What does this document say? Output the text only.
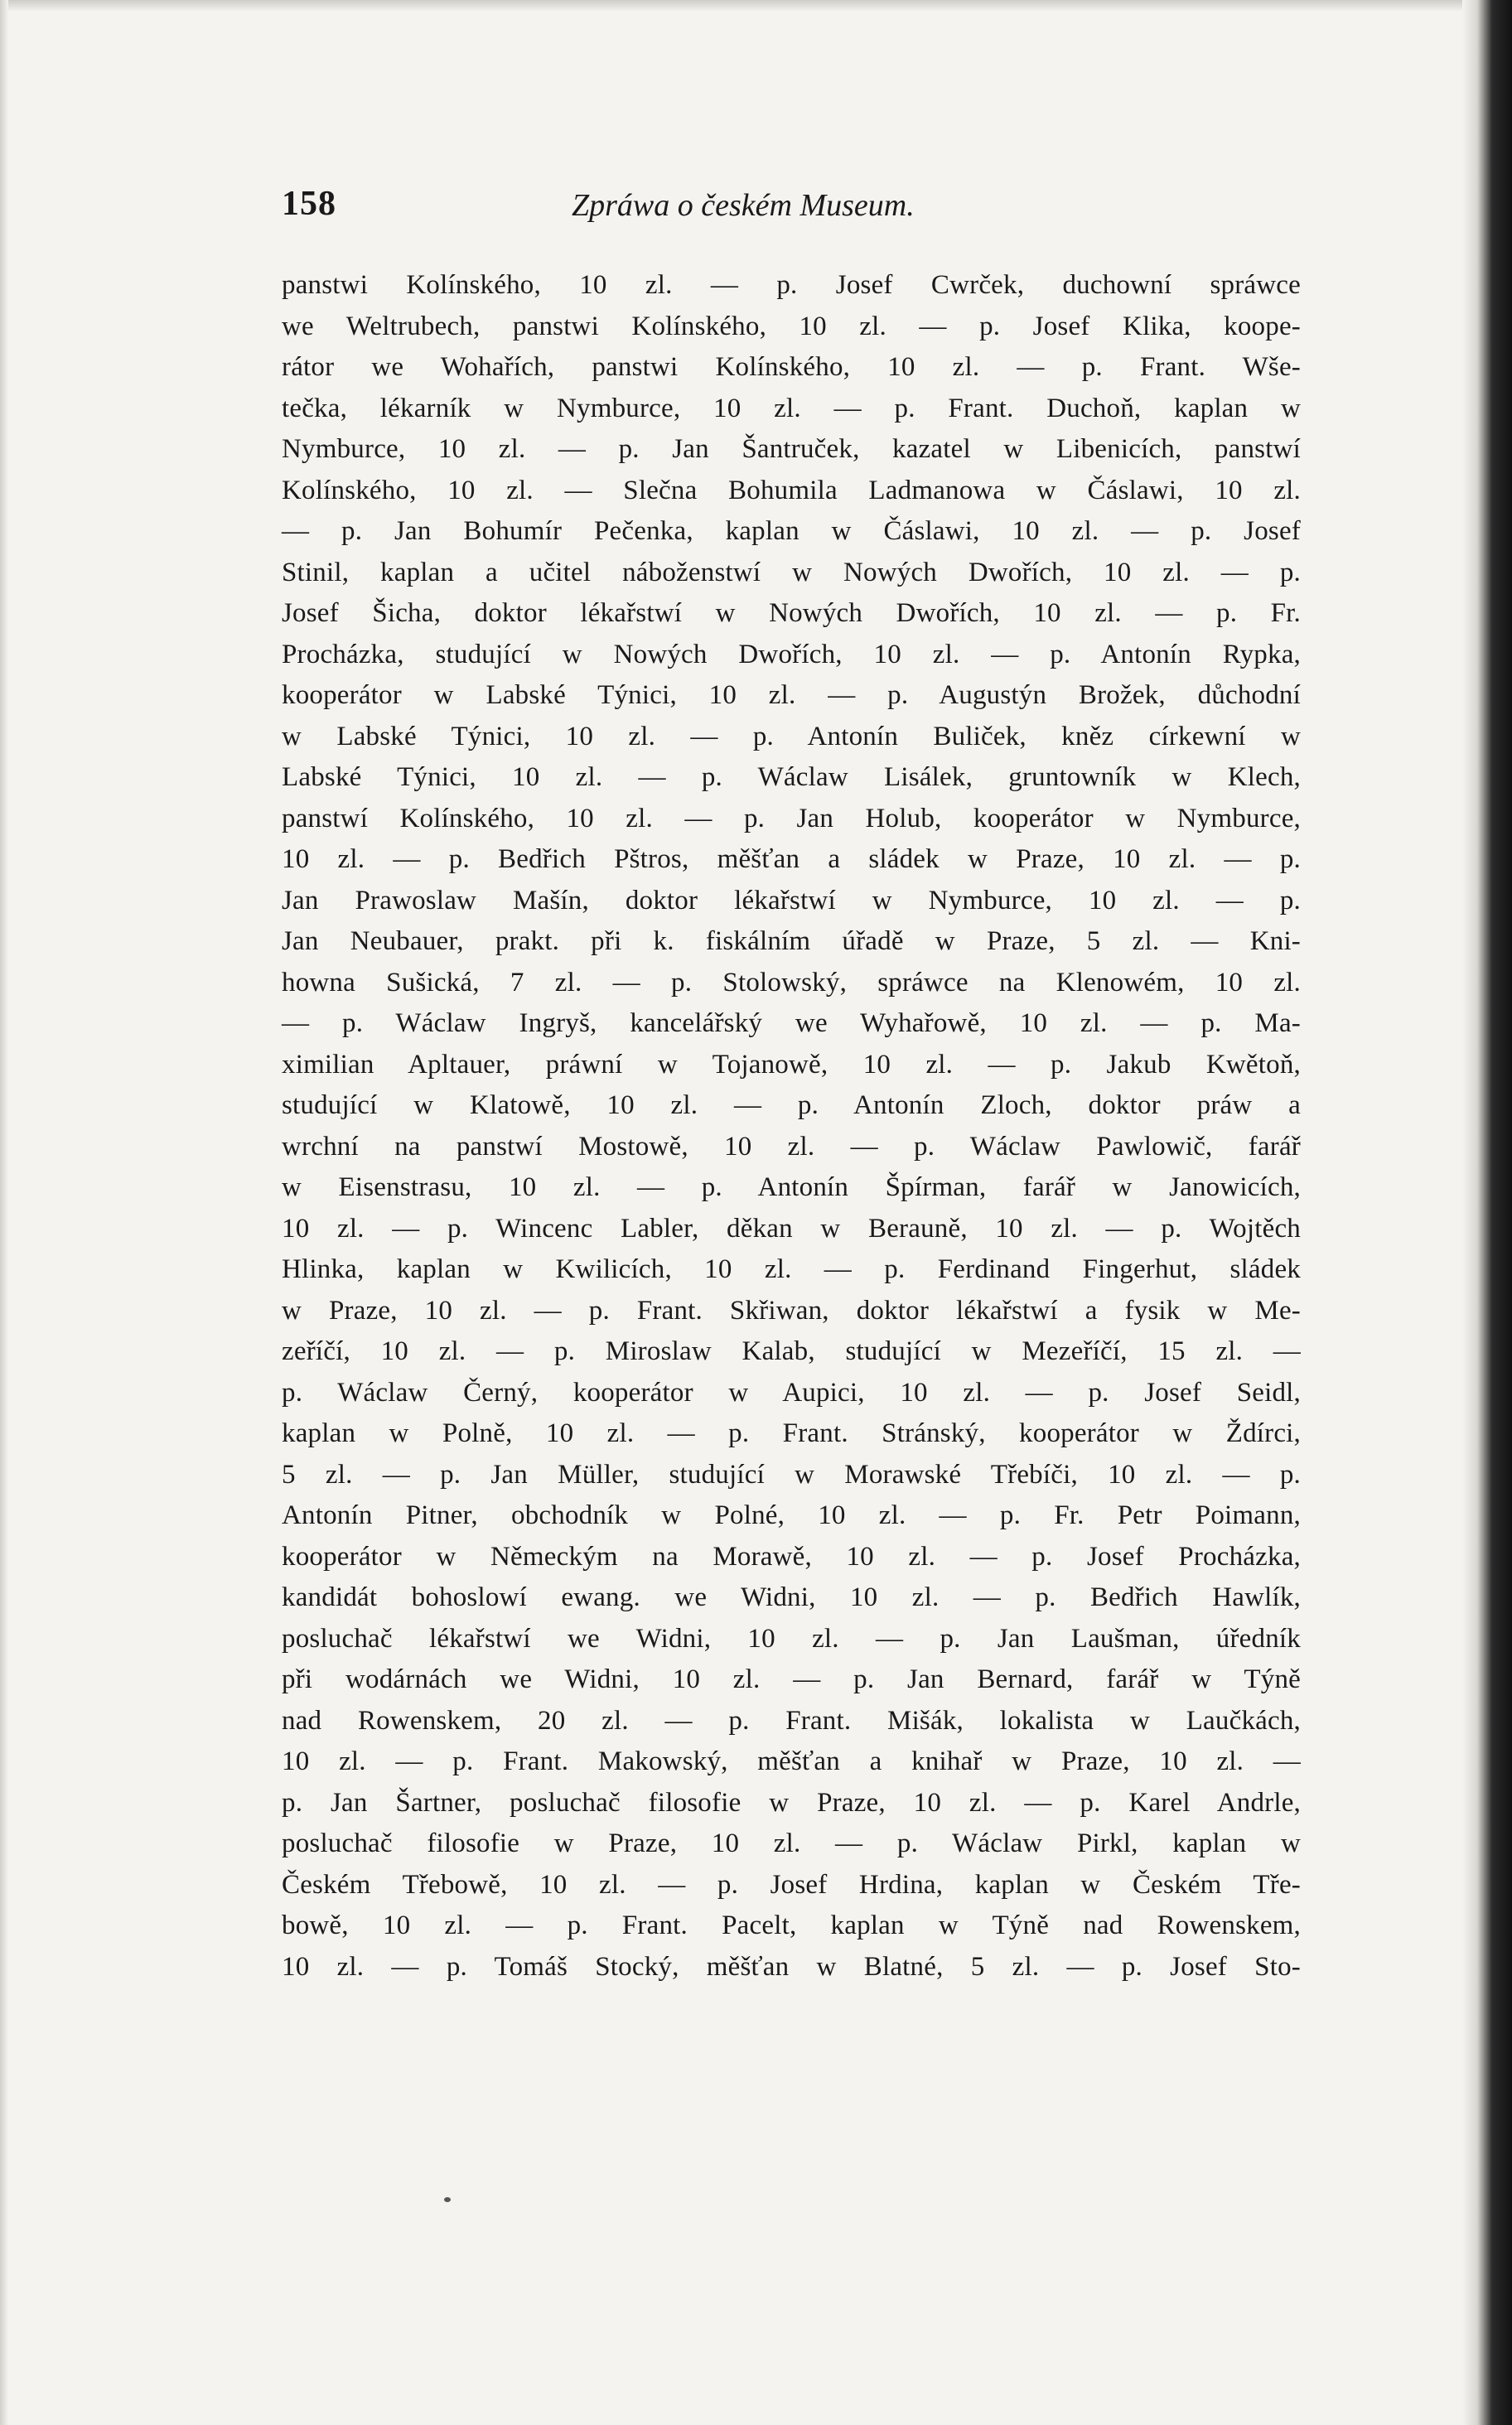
158	Zpráwa o českém Museum.
panstwi Kolínského, 10 zl. — p. Josef Cwrček, duchowní spráwce
we Weltrubech, panstwi Kolínského, 10 zl. — p. Josef Klika, koope-
rátor we Wohařích, panstwi Kolínského, 10 zl. — p. Frant. Wše-
tečka, lékarník w Nymburce, 10 zl. — p. Frant. Duchoň, kaplan w
Nymburce, 10 zl. — p. Jan Šantruček, kazatel w Libenicích, panstwí
Kolínského, 10 zl. — Slečna Bohumila Ladmanowa w Čáslawi, 10 zl.
— p. Jan Bohumír Pečenka, kaplan w Čáslawi, 10 zl. — p. Josef
Stinil, kaplan a učitel náboženstwí w Nowých Dwořích, 10 zl. — p.
Josef Šicha, doktor lékařstwí w Nowých Dwořích, 10 zl. — p. Fr.
Procházka, studující w Nowých Dwořích, 10 zl. — p. Antonín Rypka,
kooperátor w Labské Týnici, 10 zl. — p. Augustýn Brožek, důchodní
w Labské Týnici, 10 zl. — p. Antonín Buliček, kněz církewní w
Labské Týnici, 10 zl. — p. Wáclaw Lisálek, gruntowník w Klech,
panstwí Kolínského, 10 zl. — p. Jan Holub, kooperátor w Nymburce,
10 zl. — p. Bedřich Pštros, měšťan a sládek w Praze, 10 zl. — p.
Jan Prawoslaw Mašín, doktor lékařstwí w Nymburce, 10 zl. — p.
Jan Neubauer, prakt. při k. fiskálním úřadě w Praze, 5 zl. — Kni-
howna Sušická, 7 zl. — p. Stolowský, spráwce na Klenowém, 10 zl.
— p. Wáclaw Ingryš, kancelářský we Wyhařowě, 10 zl. — p. Ma-
ximilian Apltauer, práwní w Tojanowě, 10 zl. — p. Jakub Kwětoň,
studující w Klatowě, 10 zl. — p. Antonín Zloch, doktor práw a
wrchní na panstwí Mostowě, 10 zl. — p. Wáclaw Pawlowič, farář
w Eisenstrasu, 10 zl. — p. Antonín Špírman, farář w Janowicích,
10 zl. — p. Wincenc Labler, děkan w Berauně, 10 zl. — p. Wojtěch
Hlinka, kaplan w Kwilicích, 10 zl. — p. Ferdinand Fingerhut, sládek
w Praze, 10 zl. — p. Frant. Skřiwan, doktor lékařstwí a fysik w Me-
zeříčí, 10 zl. — p. Miroslaw Kalab, studující w Mezeříčí, 15 zl. —
p. Wáclaw Černý, kooperátor w Aupici, 10 zl. — p. Josef Seidl,
kaplan w Polně, 10 zl. — p. Frant. Stránský, kooperátor w Ždírci,
5 zl. — p. Jan Müller, studující w Morawské Třebíči, 10 zl. — p.
Antonín Pitner, obchodník w Polné, 10 zl. — p. Fr. Petr Poimann,
kooperátor w Německým na Morawě, 10 zl. — p. Josef Procházka,
kandidát bohoslowí ewang. we Widni, 10 zl. — p. Bedřich Hawlík,
posluchač lékařstwí we Widni, 10 zl. — p. Jan Laušman, úředník
při wodárnách we Widni, 10 zl. — p. Jan Bernard, farář w Týně
nad Rowenskem, 20 zl. — p. Frant. Mišák, lokalista w Laučkách,
10 zl. — p. Frant. Makowský, měšťan a knihař w Praze, 10 zl. —
p. Jan Šartner, posluchač filosofie w Praze, 10 zl. — p. Karel Andrle,
posluchač filosofie w Praze, 10 zl. — p. Wáclaw Pirkl, kaplan w
Českém Třebowě, 10 zl. — p. Josef Hrdina, kaplan w Českém Tře-
bowě, 10 zl. — p. Frant. Pacelt, kaplan w Týně nad Rowenskem,
10 zl. — p. Tomáš Stocký, měšťan w Blatné, 5 zl. — p. Josef Sto-
